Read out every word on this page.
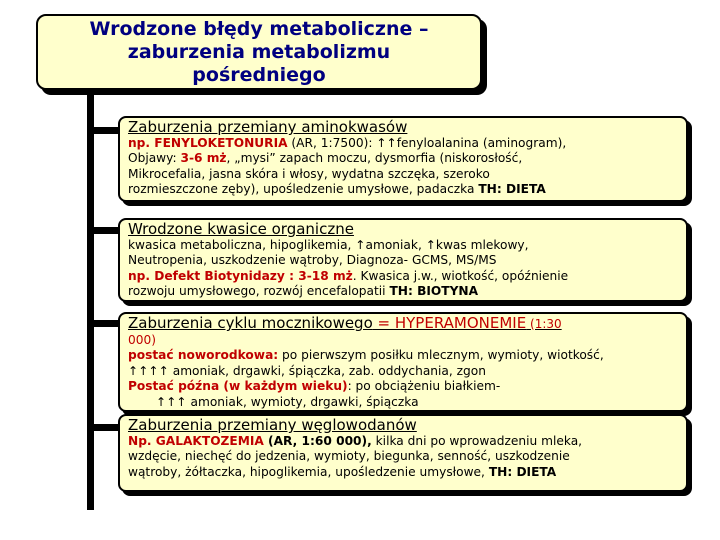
Wrodzone błędy metaboliczne –
zaburzenia metabolizmu
pośredniego
Zaburzenia przemiany aminokwasów
np. FENYLOKETONURIA (AR, 1:7500): ↑↑fenyloalanina (aminogram),
Objawy: 3-6 mż, „mysi” zapach moczu, dysmorfia (niskorosłość,
Mikrocefalia, jasna skóra i włosy, wydatna szczęka, szeroko
rozmieszczone zęby), upośledzenie umysłowe, padaczka TH: DIETA
Wrodzone kwasice organiczne
kwasica metaboliczna, hipoglikemia, ↑amoniak, ↑kwas mlekowy,
Neutropenia, uszkodzenie wątroby, Diagnoza- GCMS, MS/MS
np. Defekt Biotynidazy : 3-18 mż. Kwasica j.w., wiotkość, opóźnienie
rozwoju umysłowego, rozwój encefalopatii TH: BIOTYNA
Zaburzenia cyklu mocznikowego = HYPERAMONEMIE (1:30
000)
postać noworodkowa: po pierwszym posiłku mlecznym, wymioty, wiotkość,
↑↑↑↑ amoniak, drgawki, śpiączka, zab. oddychania, zgon
Postać późna (w każdym wieku): po obciążeniu białkiem-
↑↑↑ amoniak, wymioty, drgawki, śpiączka
Zaburzenia przemiany węglowodanów
Np. GALAKTOZEMIA (AR, 1:60 000), kilka dni po wprowadzeniu mleka,
wzdęcie, niechęć do jedzenia, wymioty, biegunka, senność, uszkodzenie
wątroby, żółtaczka, hipoglikemia, upośledzenie umysłowe, TH: DIETA
